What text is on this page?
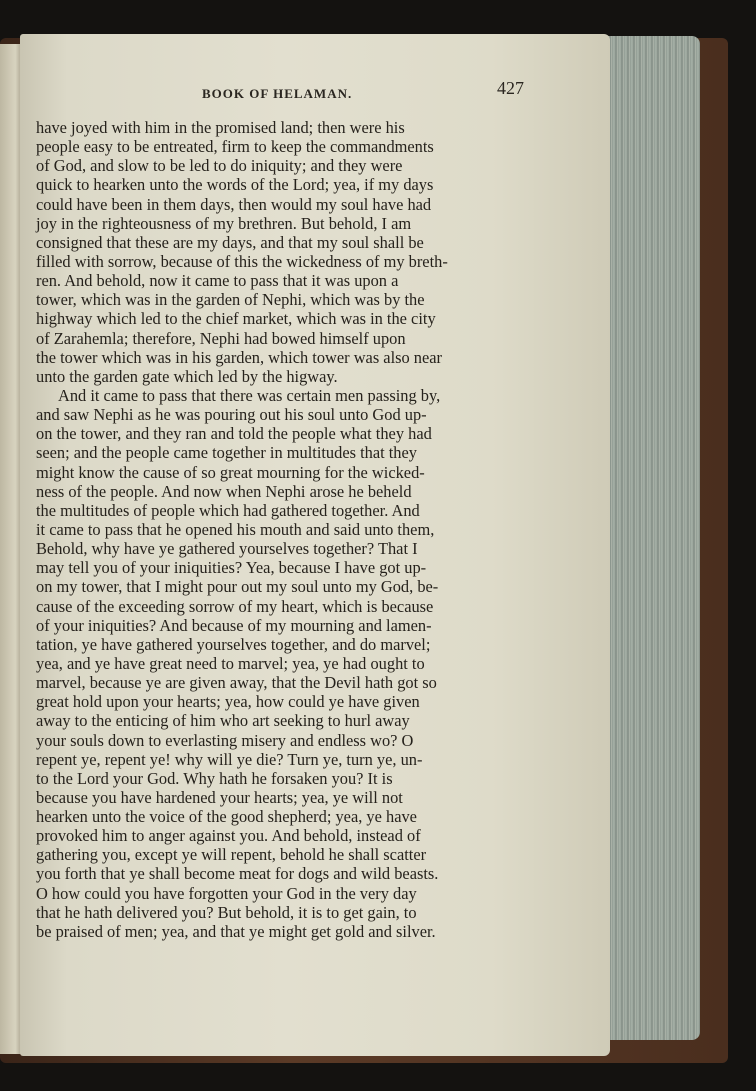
BOOK OF HELAMAN.	427
have joyed with him in the promised land; then were his
people easy to be entreated, firm to keep the commandments
of God, and slow to be led to do iniquity; and they were
quick to hearken unto the words of the Lord; yea, if my days
could have been in them days, then would my soul have had
joy in the righteousness of my brethren. But behold, I am
consigned that these are my days, and that my soul shall be
filled with sorrow, because of this the wickedness of my breth-
ren. And behold, now it came to pass that it was upon a
tower, which was in the garden of Nephi, which was by the
highway which led to the chief market, which was in the city
of Zarahemla; therefore, Nephi had bowed himself upon
the tower which was in his garden, which tower was also near
unto the garden gate which led by the higway.
And it came to pass that there was certain men passing by,
and saw Nephi as he was pouring out his soul unto God up-
on the tower, and they ran and told the people what they had
seen; and the people came together in multitudes that they
might know the cause of so great mourning for the wicked-
ness of the people. And now when Nephi arose he beheld
the multitudes of people which had gathered together. And
it came to pass that he opened his mouth and said unto them,
Behold, why have ye gathered yourselves together? That I
may tell you of your iniquities? Yea, because I have got up-
on my tower, that I might pour out my soul unto my God, be-
cause of the exceeding sorrow of my heart, which is because
of your iniquities? And because of my mourning and lamen-
tation, ye have gathered yourselves together, and do marvel;
yea, and ye have great need to marvel; yea, ye had ought to
marvel, because ye are given away, that the Devil hath got so
great hold upon your hearts; yea, how could ye have given
away to the enticing of him who art seeking to hurl away
your souls down to everlasting misery and endless wo? O
repent ye, repent ye! why will ye die? Turn ye, turn ye, un-
to the Lord your God. Why hath he forsaken you? It is
because you have hardened your hearts; yea, ye will not
hearken unto the voice of the good shepherd; yea, ye have
provoked him to anger against you. And behold, instead of
gathering you, except ye will repent, behold he shall scatter
you forth that ye shall become meat for dogs and wild beasts.
O how could you have forgotten your God in the very day
that he hath delivered you? But behold, it is to get gain, to
be praised of men; yea, and that ye might get gold and silver.
